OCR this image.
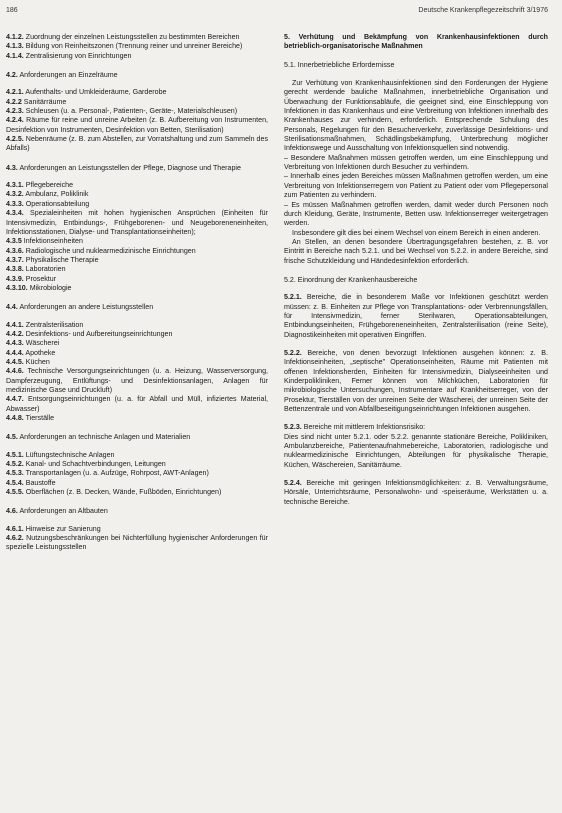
186	Deutsche Krankenpflegezeitschrift 3/1976

4.1.2. Zuordnung der einzelnen Leistungsstellen zu bestimmten Bereichen

4.1.3. Bildung von Reinheitszonen (Trennung reiner und unreiner Bereiche)

4.1.4. Zentralisierung von Einrichtungen

4.2. Anforderungen an Einzelräume

4.2.1. Aufenthalts- und Umkleideräume, Garderobe

4.2.2 Sanitärräume

4.2.3. Schleusen (u. a. Personal-, Patienten-, Geräte-, Materialschleusen)

4.2.4. Räume für reine und unreine Arbeiten (z. B. Aufbereitung von Instrumenten, Desinfektion von Instrumenten, Desinfektion von Betten, Sterilisation)

4.2.5. Nebenräume (z. B. zum Abstellen, zur Vorratshaltung und zum Sammeln des Abfalls)

4.3. Anforderungen an Leistungsstellen der Pflege, Diagnose und Therapie

4.3.1. Pflegebereiche

4.3.2. Ambulanz, Poliklinik

4.3.3. Operationsabteilung

4.3.4. Spezialeinheiten mit hohen hygienischen Ansprüchen (Einheiten für Intensivmedizin, Entbindungs-, Frühgeborenen- und Neugeboreneneinheiten, Infektionsstationen, Dialyse- und Transplantationseinheiten);

4.3.5 Infektionseinheiten

4.3.6. Radiologische und nuklearmedizinische Einrichtungen

4.3.7. Physikalische Therapie

4.3.8. Laboratorien

4.3.9. Prosektur

4.3.10. Mikrobiologie

4.4. Anforderungen an andere Leistungsstellen

4.4.1. Zentralsterilisation

4.4.2. Desinfektions- und Aufbereitungseinrichtungen

4.4.3. Wäscherei

4.4.4. Apotheke

4.4.5. Küchen

4.4.6. Technische Versorgungseinrichtungen (u. a. Heizung, Wasserversorgung, Dampferzeugung, Entlüftungs- und Desinfektionsanlagen, Anlagen für medizinische Gase und Druckluft)

4.4.7. Entsorgungseinrichtungen (u. a. für Abfall und Müll, infiziertes Material, Abwasser)

4.4.8. Tierställe

4.5. Anforderungen an technische Anlagen und Materialien

4.5.1. Lüftungstechnische Anlagen

4.5.2. Kanal- und Schachtverbindungen, Leitungen

4.5.3. Transportanlagen (u. a. Aufzüge, Rohrpost, AWT-Anlagen)

4.5.4. Baustoffe

4.5.5. Oberflächen (z. B. Decken, Wände, Fußböden, Einrichtungen)

4.6. Anforderungen an Altbauten

4.6.1. Hinweise zur Sanierung

4.6.2. Nutzungsbeschränkungen bei Nichterfüllung hygienischer Anforderungen für spezielle Leistungsstellen

5. Verhütung und Bekämpfung von Krankenhausinfektionen durch betrieblich-organisatorische Maßnahmen

5.1. Innerbetriebliche Erfordernisse

Zur Verhütung von Krankenhausinfektionen sind den Forderungen der Hygiene gerecht werdende bauliche Maßnahmen, innerbetriebliche Organisation und Überwachung der Funktionsabläufe, die geeignet sind, eine Einschleppung von Infektionen in das Krankenhaus und eine Verbreitung von Infektionen innerhalb des Krankenhauses zur verhindern, erforderlich. Entsprechende Schulung des Personals, Regelungen für den Besucherverkehr, zuverlässige Desinfektions- und Sterilisationsmaßnahmen, Schädlingsbekämpfung, Unterbrechung möglicher Infektionswege und Ausschaltung von Infektionsquellen sind notwendig.

– Besondere Maßnahmen müssen getroffen werden, um eine Einschleppung und Verbreitung von Infektionen durch Besucher zu verhindern.

– Innerhalb eines jeden Bereiches müssen Maßnahmen getroffen werden, um eine Verbreitung von Infektionserregern von Patient zu Patient oder vom Pflegepersonal zum Patienten zu verhindern.

– Es müssen Maßnahmen getroffen werden, damit weder durch Personen noch durch Kleidung, Geräte, Instrumente, Betten usw. Infektionserreger weitergetragen werden.

Insbesondere gilt dies bei einem Wechsel von einem Bereich in einen anderen.

An Stellen, an denen besondere Übertragungsgefahren bestehen, z. B. vor Eintritt in Bereiche nach 5.2.1. und bei Wechsel von 5.2.2. in andere Bereiche, sind frische Schutzkleidung und Händedesinfektion erforderlich.

5.2. Einordnung der Krankenhausbereiche

5.2.1. Bereiche, die in besonderem Maße vor Infektionen geschützt werden müssen: z. B. Einheiten zur Pflege von Transplantations- oder Verbrennungsfällen, für Intensivmedizin, ferner Sterilwaren, Operationsabteilungen, Entbindungseinheiten, Frühgeboreneneinheiten, Zentralsterilisation (reine Seite), Diagnostikeinheiten mit operativen Eingriffen.

5.2.2. Bereiche, von denen bevorzugt Infektionen ausgehen können: z. B. Infektionseinheiten, „septische" Operationseinheiten, Räume mit Patienten mit offenen Infektionsherden, Einheiten für Intensivmedizin, Dialyseeinheiten und Kinderpolikliniken, Ferner können von Milchküchen, Laboratorien für mikrobiologische Untersuchungen, Instrumentare auf Krankheitserreger, von der Prosektur, Tierställen von der unreinen Seite der Wäscherei, der unreinen Seite der Bettenzentrale und von Abfallbeseitigungseinrichtungen Infektionen ausgehen.

5.2.3. Bereiche mit mittlerem Infektionsrisiko:

Dies sind nicht unter 5.2.1. oder 5.2.2. genannte stationäre Bereiche, Polikliniken, Ambulanzbereiche, Patientenaufnahmebereiche, Laboratorien, radiologische und nuklearmedizinische Einrichtungen, Abteilungen für physikalische Therapie, Küchen, Wäschereien, Sanitärräume.

5.2.4. Bereiche mit geringen Infektionsmöglichkeiten: z. B. Verwaltungsräume, Hörsäle, Unterrichtsräume, Personalwohn- und -speiseräume, Werkstätten u. a. technische Bereiche.
